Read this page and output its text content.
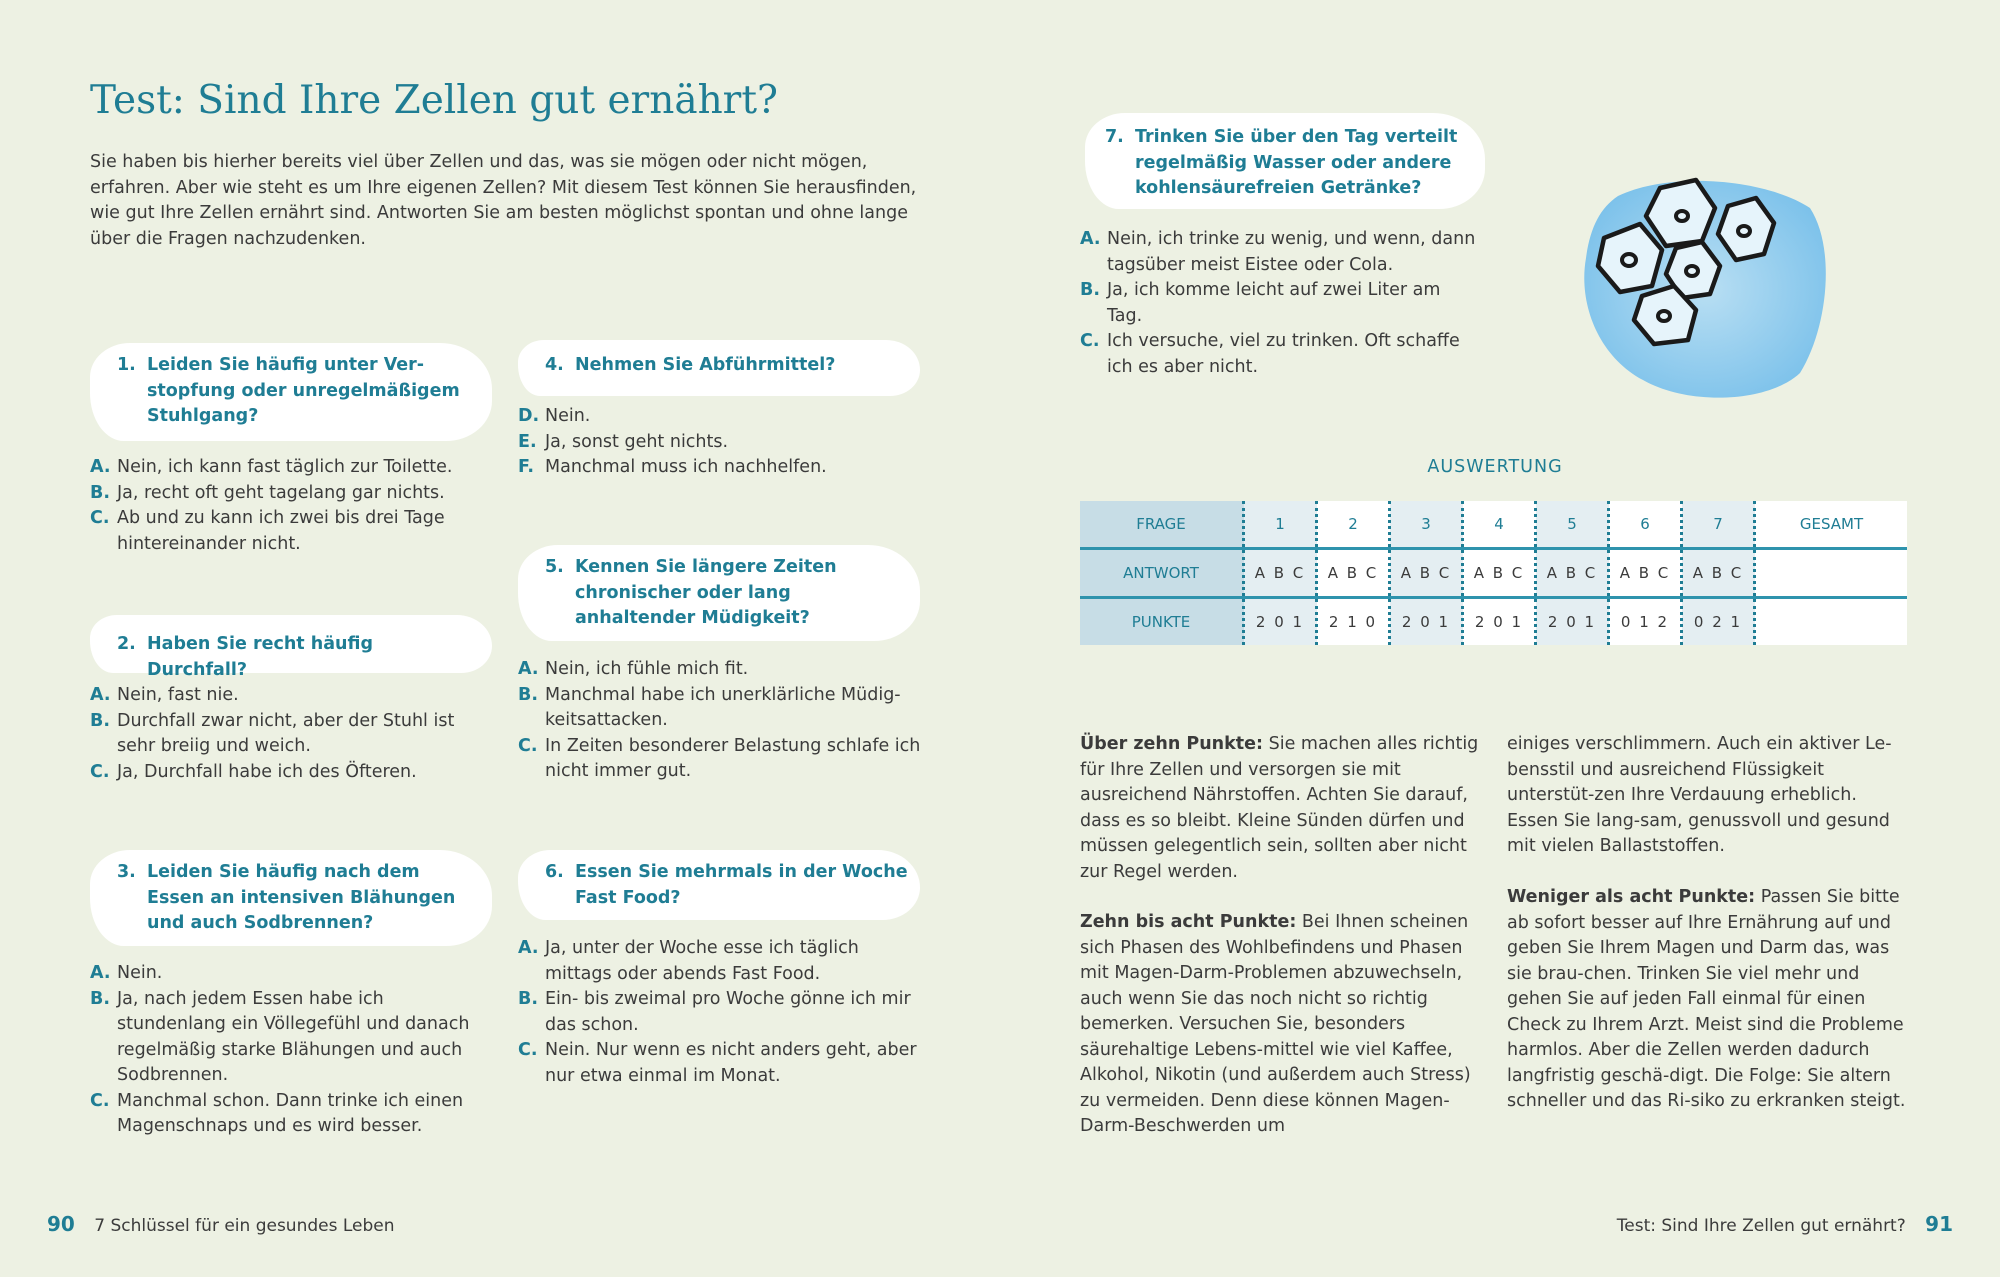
Test: Sind Ihre Zellen gut ernährt?

Sie haben bis hierher bereits viel über Zellen und das, was sie mögen oder nicht mögen, erfahren. Aber wie steht es um Ihre eigenen Zellen? Mit diesem Test können Sie herausfinden, wie gut Ihre Zellen ernährt sind. Antworten Sie am besten möglichst spontan und ohne lange über die Fragen nachzudenken.

1. Leiden Sie häufig unter Ver-stopfung oder unregelmäßigem Stuhlgang?
A. Nein, ich kann fast täglich zur Toilette.
B. Ja, recht oft geht tagelang gar nichts.
C. Ab und zu kann ich zwei bis drei Tage hintereinander nicht.
2. Haben Sie recht häufig Durchfall?
A. Nein, fast nie.
B. Durchfall zwar nicht, aber der Stuhl ist sehr breiig und weich.
C. Ja, Durchfall habe ich des Öfteren.
3. Leiden Sie häufig nach dem Essen an intensiven Blähungen und auch Sodbrennen?
A. Nein.
B. Ja, nach jedem Essen habe ich stundenlang ein Völlegefühl und danach regelmäßig starke Blähungen und auch Sodbrennen.
C. Manchmal schon. Dann trinke ich einen Magenschnaps und es wird besser.
4. Nehmen Sie Abführmittel?
D. Nein.
E. Ja, sonst geht nichts.
F. Manchmal muss ich nachhelfen.
5. Kennen Sie längere Zeiten chronischer oder lang anhaltender Müdigkeit?
A. Nein, ich fühle mich fit.
B. Manchmal habe ich unerklärliche Müdig-keitsattacken.
C. In Zeiten besonderer Belastung schlafe ich nicht immer gut.
6. Essen Sie mehrmals in der Woche Fast Food?
A. Ja, unter der Woche esse ich täglich mittags oder abends Fast Food.
B. Ein- bis zweimal pro Woche gönne ich mir das schon.
C. Nein. Nur wenn es nicht anders geht, aber nur etwa einmal im Monat.
7. Trinken Sie über den Tag verteilt regelmäßig Wasser oder andere kohlensäurefreien Getränke?
A. Nein, ich trinke zu wenig, und wenn, dann tagsüber meist Eistee oder Cola.
B. Ja, ich komme leicht auf zwei Liter am Tag.
C. Ich versuche, viel zu trinken. Oft schaffe ich es aber nicht.
AUSWERTUNG
FRAGE	1	2	3	4	5	6	7	GESAMT
ANTWORT	A B C	A B C	A B C	A B C	A B C	A B C	A B C	
PUNKTE	2 0 1	2 1 0	2 0 1	2 0 1	2 0 1	0 1 2	0 2 1	

Über zehn Punkte: Sie machen alles richtig für Ihre Zellen und versorgen sie mit ausreichend Nährstoffen. Achten Sie darauf, dass es so bleibt. Kleine Sünden dürfen und müssen gelegentlich sein, sollten aber nicht zur Regel werden.

Zehn bis acht Punkte: Bei Ihnen scheinen sich Phasen des Wohlbefindens und Phasen mit Magen-Darm-Problemen abzuwechseln, auch wenn Sie das noch nicht so richtig bemerken. Versuchen Sie, besonders säurehaltige Lebens-mittel wie viel Kaffee, Alkohol, Nikotin (und außerdem auch Stress) zu vermeiden. Denn diese können Magen-Darm-Beschwerden um

einiges verschlimmern. Auch ein aktiver Le-bensstil und ausreichend Flüssigkeit unterstüt-zen Ihre Verdauung erheblich. Essen Sie lang-sam, genussvoll und gesund mit vielen Ballaststoffen.

Weniger als acht Punkte: Passen Sie bitte ab sofort besser auf Ihre Ernährung auf und geben Sie Ihrem Magen und Darm das, was sie brau-chen. Trinken Sie viel mehr und gehen Sie auf jeden Fall einmal für einen Check zu Ihrem Arzt. Meist sind die Probleme harmlos. Aber die Zellen werden dadurch langfristig geschä-digt. Die Folge: Sie altern schneller und das Ri-siko zu erkranken steigt.

90 7 Schlüssel für ein gesundes Leben	Test: Sind Ihre Zellen gut ernährt? 91
